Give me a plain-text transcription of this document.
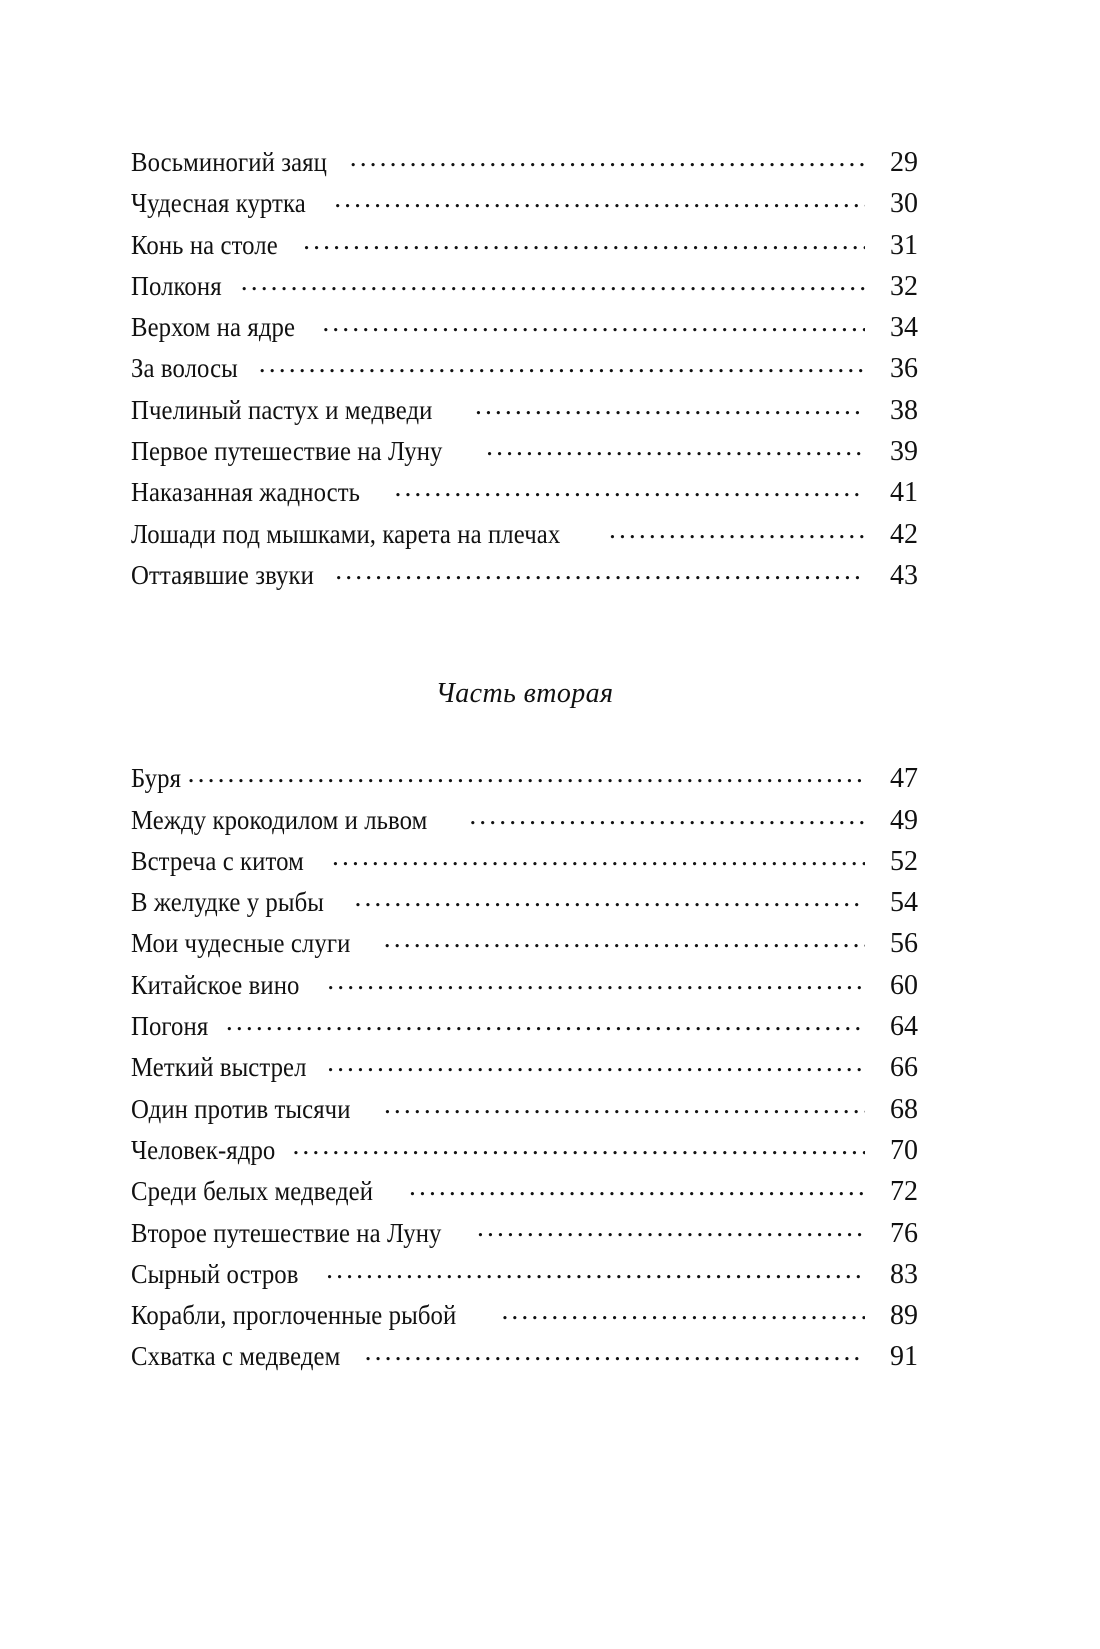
Восьминогий заяц .....	29
Чудесная куртка .....	30
Конь на столе .....	31
Полконя .....	32
Верхом на ядре .....	34
За волосы .....	36
Пчелиный пастух и медведи .....	38
Первое путешествие на Луну .....	39
Наказанная жадность .....	41
Лошади под мышками, карета на плечах .....	42
Оттаявшие звуки .....	43
Часть вторая
Буря .....	47
Между крокодилом и львом .....	49
Встреча с китом .....	52
В желудке у рыбы .....	54
Мои чудесные слуги .....	56
Китайское вино .....	60
Погоня .....	64
Меткий выстрел .....	66
Один против тысячи .....	68
Человек-ядро .....	70
Среди белых медведей .....	72
Второе путешествие на Луну .....	76
Сырный остров .....	83
Корабли, проглоченные рыбой .....	89
Схватка с медведем .....	91
